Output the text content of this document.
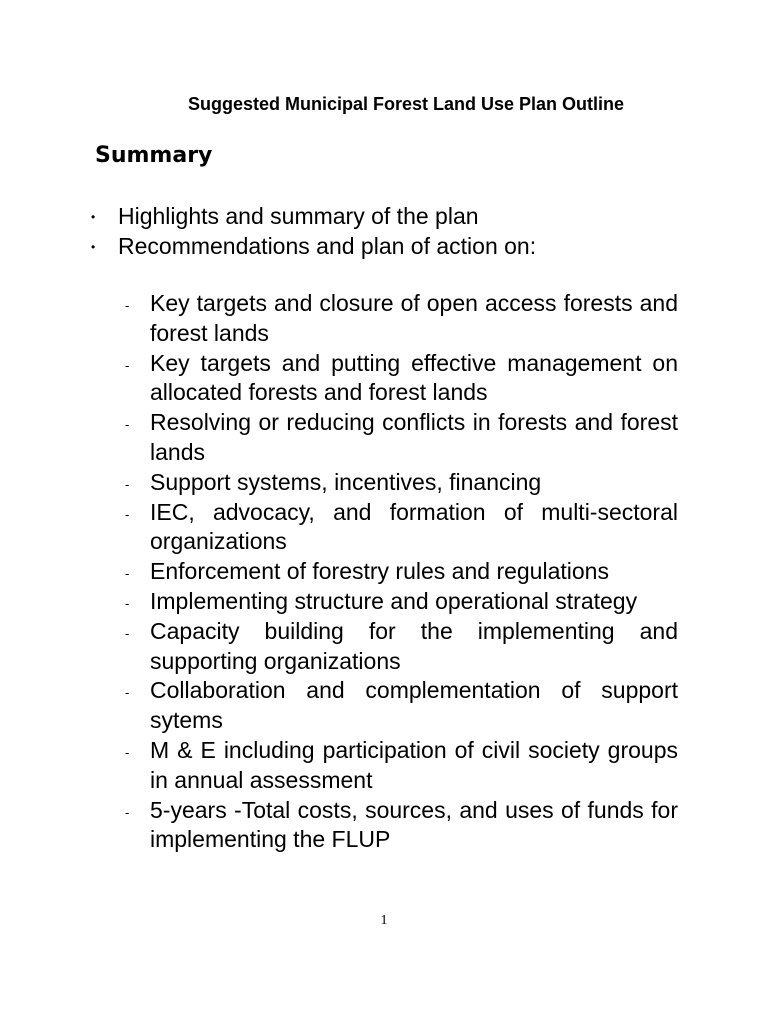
Suggested Municipal Forest Land Use Plan Outline
Summary
• Highlights and summary of the plan
• Recommendations and plan of action on:
- Key targets and closure of open access forests and forest lands
- Key targets and putting effective management on allocated forests and forest lands
- Resolving or reducing conflicts in forests and forest lands
- Support systems, incentives, financing
- IEC, advocacy, and formation of multi-sectoral organizations
- Enforcement of forestry rules and regulations
- Implementing structure and operational strategy
- Capacity building for the implementing and supporting organizations
- Collaboration and complementation of support sytems
- M & E including participation of civil society groups in annual assessment
- 5-years -Total costs, sources, and uses of funds for implementing the FLUP

1
